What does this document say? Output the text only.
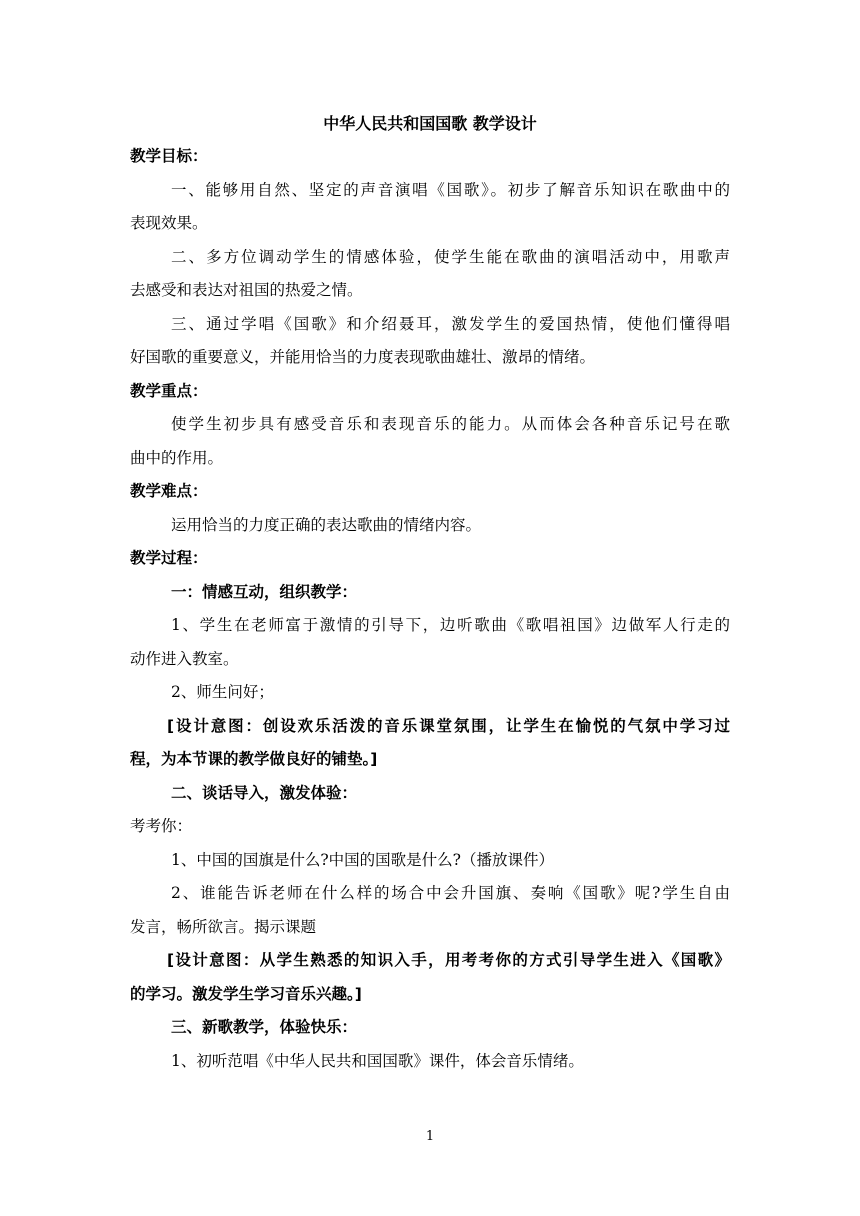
中华人民共和国国歌 教学设计
教学目标：
一、能够用自然、坚定的声音演唱《国歌》。初步了解音乐知识在歌曲中的
表现效果。
二、多方位调动学生的情感体验，使学生能在歌曲的演唱活动中，用歌声
去感受和表达对祖国的热爱之情。
三、通过学唱《国歌》和介绍聂耳，激发学生的爱国热情，使他们懂得唱
好国歌的重要意义，并能用恰当的力度表现歌曲雄壮、激昂的情绪。
教学重点：
使学生初步具有感受音乐和表现音乐的能力。从而体会各种音乐记号在歌
曲中的作用。
教学难点：
运用恰当的力度正确的表达歌曲的情绪内容。
教学过程：
一：情感互动，组织教学：
1、学生在老师富于激情的引导下，边听歌曲《歌唱祖国》边做军人行走的
动作进入教室。
2、师生问好；
[设计意图：创设欢乐活泼的音乐课堂氛围，让学生在愉悦的气氛中学习过
程，为本节课的教学做良好的铺垫。]
二、谈话导入，激发体验：
考考你：
1、中国的国旗是什么?中国的国歌是什么?（播放课件）
2、谁能告诉老师在什么样的场合中会升国旗、奏响《国歌》呢?学生自由
发言，畅所欲言。揭示课题
[设计意图：从学生熟悉的知识入手，用考考你的方式引导学生进入《国歌》
的学习。激发学生学习音乐兴趣。]
三、新歌教学，体验快乐：
1、初听范唱《中华人民共和国国歌》课件，体会音乐情绪。
1
